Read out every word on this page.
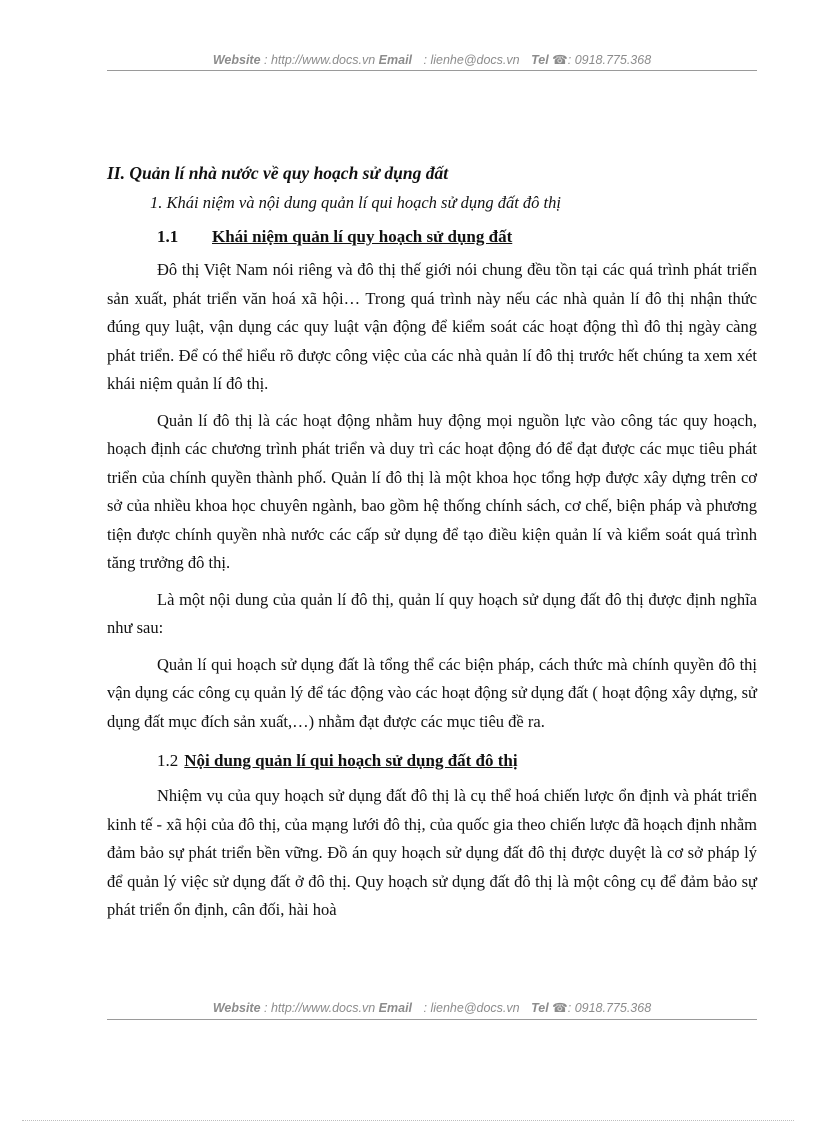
Website : http://www.docs.vn Email : lienhe@docs.vn Tel ☎: 0918.775.368
II. Quản lí nhà nước về quy hoạch sử dụng đất
1. Khái niệm và nội dung quản lí qui hoạch sử dụng đất đô thị
1.1 Khái niệm quản lí quy hoạch sử dụng đất

Đô thị Việt Nam nói riêng và đô thị thế giới nói chung đều tồn tại các quá trình phát triển sản xuất, phát triển văn hoá xã hội… Trong quá trình này nếu các nhà quản lí đô thị nhận thức đúng quy luật, vận dụng các quy luật vận động để kiểm soát các hoạt động thì đô thị ngày càng phát triển. Để có thể hiểu rõ được công việc của các nhà quản lí đô thị trước hết chúng ta xem xét khái niệm quản lí đô thị.

Quản lí đô thị là các hoạt động nhằm huy động mọi nguồn lực vào công tác quy hoạch, hoạch định các chương trình phát triển và duy trì các hoạt động đó để đạt được các mục tiêu phát triển của chính quyền thành phố. Quản lí đô thị là một khoa học tổng hợp được xây dựng trên cơ sở của nhiều khoa học chuyên ngành, bao gồm hệ thống chính sách, cơ chế, biện pháp và phương tiện được chính quyền nhà nước các cấp sử dụng để tạo điều kiện quản lí và kiểm soát quá trình tăng trưởng đô thị.

Là một nội dung của quản lí đô thị, quản lí quy hoạch sử dụng đất đô thị được định nghĩa như sau:

Quản lí qui hoạch sử dụng đất là tổng thể các biện pháp, cách thức mà chính quyền đô thị vận dụng các công cụ quản lý để tác động vào các hoạt động sử dụng đất ( hoạt động xây dựng, sử dụng đất mục đích sản xuất,…) nhằm đạt được các mục tiêu đề ra.

1.2 Nội dung quản lí qui hoạch sử dụng đất đô thị

Nhiệm vụ của quy hoạch sử dụng đất đô thị là cụ thể hoá chiến lược ổn định và phát triển kinh tế - xã hội của đô thị, của mạng lưới đô thị, của quốc gia theo chiến lược đã hoạch định nhằm đảm bảo sự phát triển bền vững. Đồ án quy hoạch sử dụng đất đô thị được duyệt là cơ sở pháp lý để quản lý việc sử dụng đất ở đô thị. Quy hoạch sử dụng đất đô thị là một công cụ để đảm bảo sự phát triển ổn định, cân đối, hài hoà

Website : http://www.docs.vn Email : lienhe@docs.vn Tel ☎: 0918.775.368
